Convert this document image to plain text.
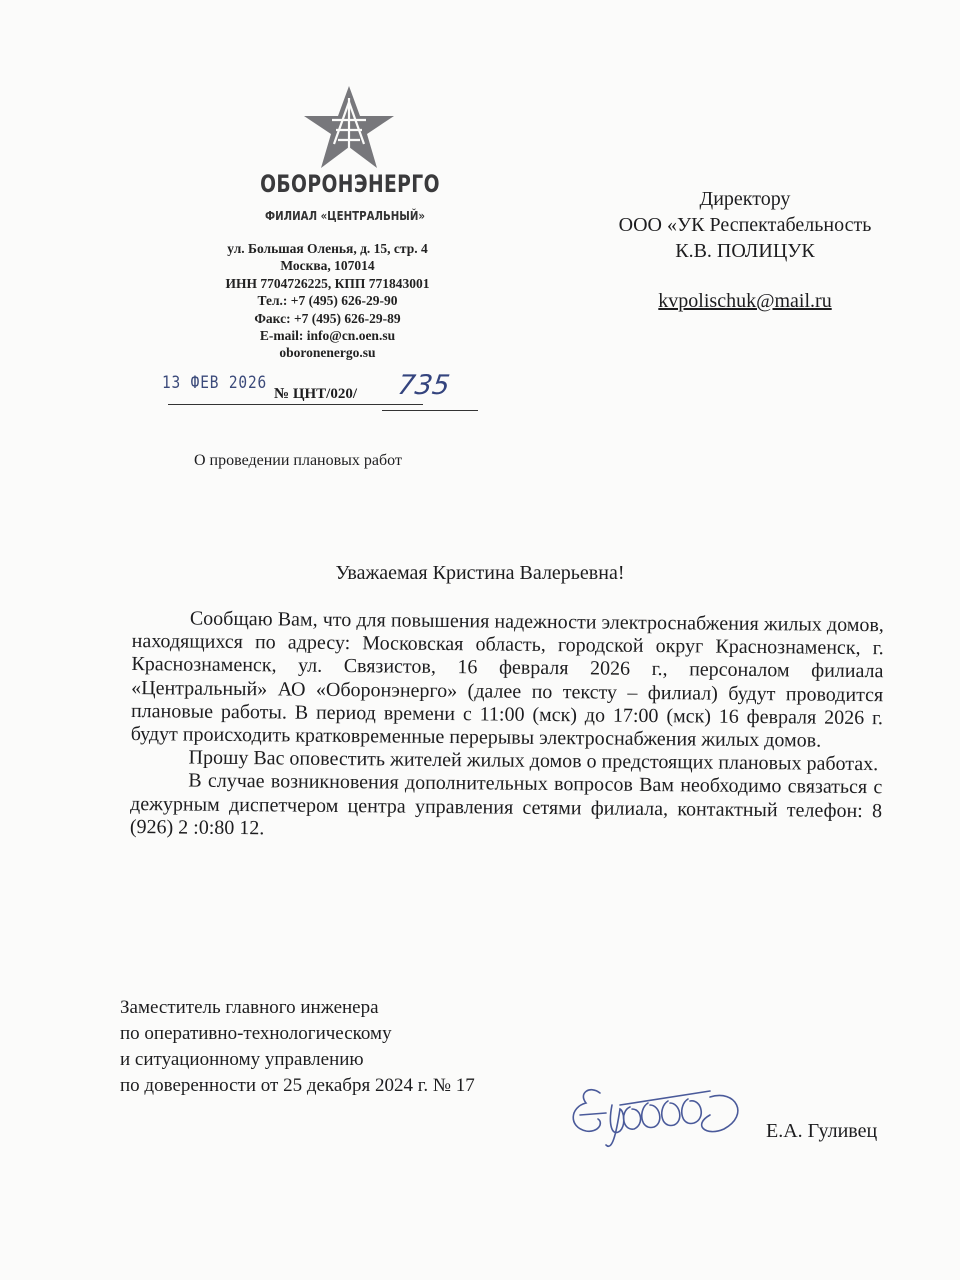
ОБОРОНЭНЕРГО
ФИЛИАЛ «ЦЕНТРАЛЬНЫЙ»
ул. Большая Оленья, д. 15, стр. 4
Москва, 107014
ИНН 7704726225, КПП 771843001
Тел.: +7 (495) 626-29-90
Факс: +7 (495) 626-29-89
E-mail: info@cn.oen.su
oboronenergo.su
Директору
ООО «УК Респектабельность
К.В. ПОЛИЦУК
kvpolischuk@mail.ru
13 ФЕВ 2026
№ ЦНТ/020/ 735
О проведении плановых работ
Уважаемая Кристина Валерьевна!

Сообщаю Вам, что для повышения надежности электроснабжения жилых домов, находящихся по адресу: Московская область, городской округ Краснознаменск, г. Краснознаменск, ул. Связистов, 16 февраля 2026 г., персоналом филиала «Центральный» АО «Оборонэнерго» (далее по тексту – филиал) будут проводится плановые работы. В период времени с 11:00 (мск) до 17:00 (мск) 16 февраля 2026 г. будут происходить кратковременные перерывы электроснабжения жилых домов.

Прошу Вас оповестить жителей жилых домов о предстоящих плановых работах.

В случае возникновения дополнительных вопросов Вам необходимо связаться с дежурным диспетчером центра управления сетями филиала, контактный телефон: 8 (926) 2 :0:80 12.

Заместитель главного инженера
по оперативно-технологическому
и ситуационному управлению
по доверенности от 25 декабря 2024 г. № 17
Е.А. Гуливец
